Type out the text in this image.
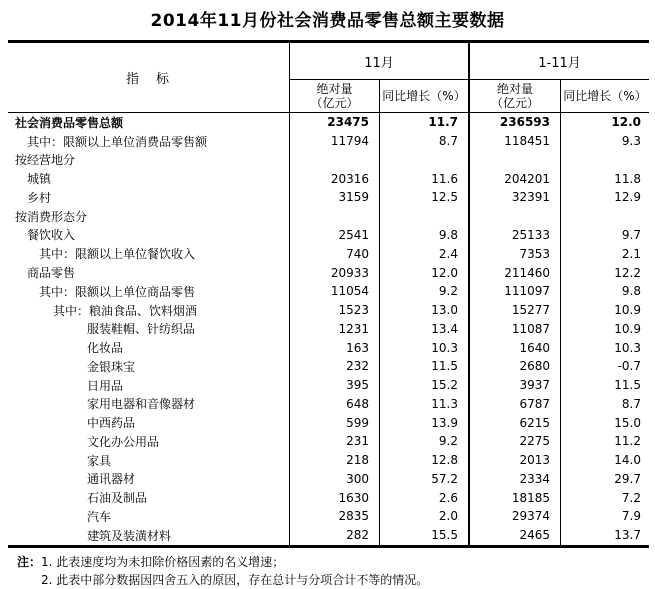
2014年11月份社会消费品零售总额主要数据
指　标
11月
绝对量
（亿元） 同比增长（%）
1-11月
绝对量
（亿元） 同比增长（%）
社会消费品零售总额	23475	11.7	236593	12.0
其中：限额以上单位消费品零售额	11794	8.7	118451	9.3
按经营地分
城镇	20316	11.6	204201	11.8
乡村	3159	12.5	32391	12.9
按消费形态分
餐饮收入	2541	9.8	25133	9.7
其中：限额以上单位餐饮收入	740	2.4	7353	2.1
商品零售	20933	12.0	211460	12.2
其中：限额以上单位商品零售	11054	9.2	111097	9.8
其中：粮油食品、饮料烟酒	1523	13.0	15277	10.9
服装鞋帽、针纺织品	1231	13.4	11087	10.9
化妆品	163	10.3	1640	10.3
金银珠宝	232	11.5	2680	-0.7
日用品	395	15.2	3937	11.5
家用电器和音像器材	648	11.3	6787	8.7
中西药品	599	13.9	6215	15.0
文化办公用品	231	9.2	2275	11.2
家具	218	12.8	2013	14.0
通讯器材	300	57.2	2334	29.7
石油及制品	1630	2.6	18185	7.2
汽车	2835	2.0	29374	7.9
建筑及装潢材料	282	15.5	2465	13.7
注：1. 此表速度均为未扣除价格因素的名义增速；
2. 此表中部分数据因四舍五入的原因，存在总计与分项合计不等的情况。
